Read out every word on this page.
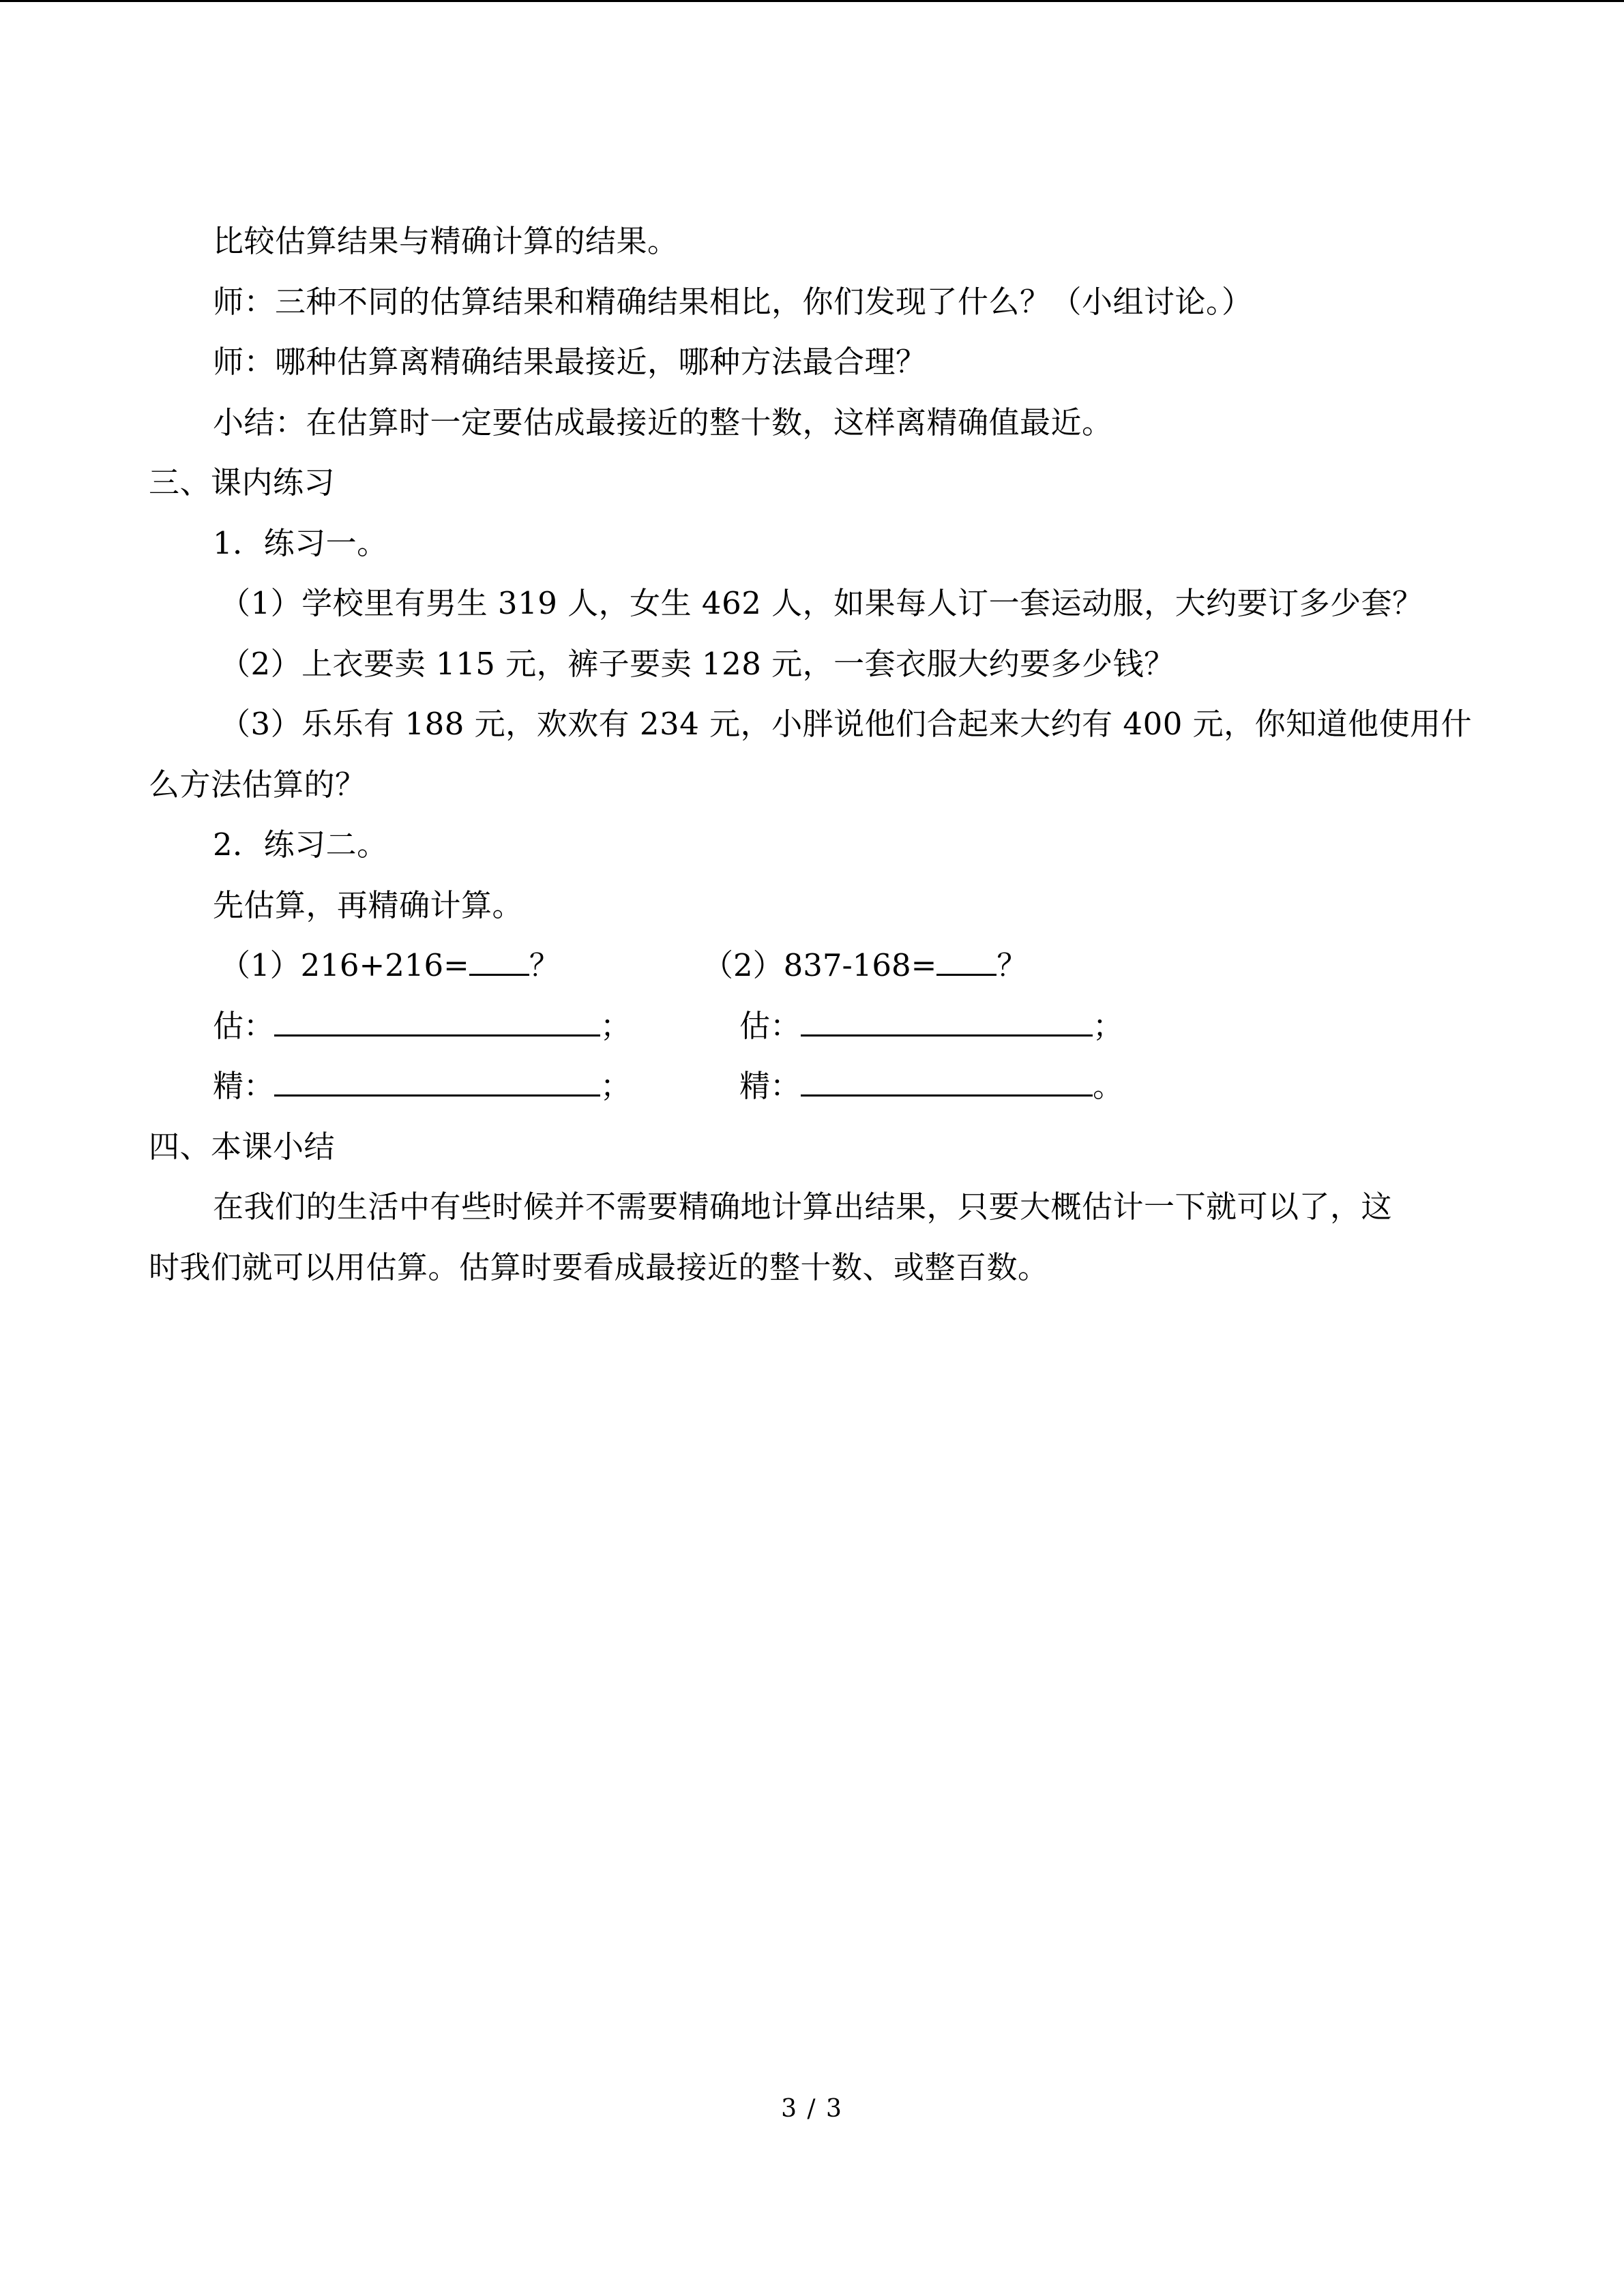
比较估算结果与精确计算的结果。
师：三种不同的估算结果和精确结果相比，你们发现了什么？（小组讨论。）
师：哪种估算离精确结果最接近，哪种方法最合理？
小结：在估算时一定要估成最接近的整十数，这样离精确值最近。
三、课内练习
1．练习一。
（1）学校里有男生 319 人，女生 462 人，如果每人订一套运动服，大约要订多少套？
（2）上衣要卖 115 元，裤子要卖 128 元，一套衣服大约要多少钱？
（3）乐乐有 188 元，欢欢有 234 元，小胖说他们合起来大约有 400 元，你知道他使用什
么方法估算的？
2．练习二。
先估算，再精确计算。
（1）216+216= ？	（2）837-168= ？
估：	；	估：	；
精：	；	精：	。
四、本课小结
在我们的生活中有些时候并不需要精确地计算出结果，只要大概估计一下就可以了，这
时我们就可以用估算。估算时要看成最接近的整十数、或整百数。
3 / 3
